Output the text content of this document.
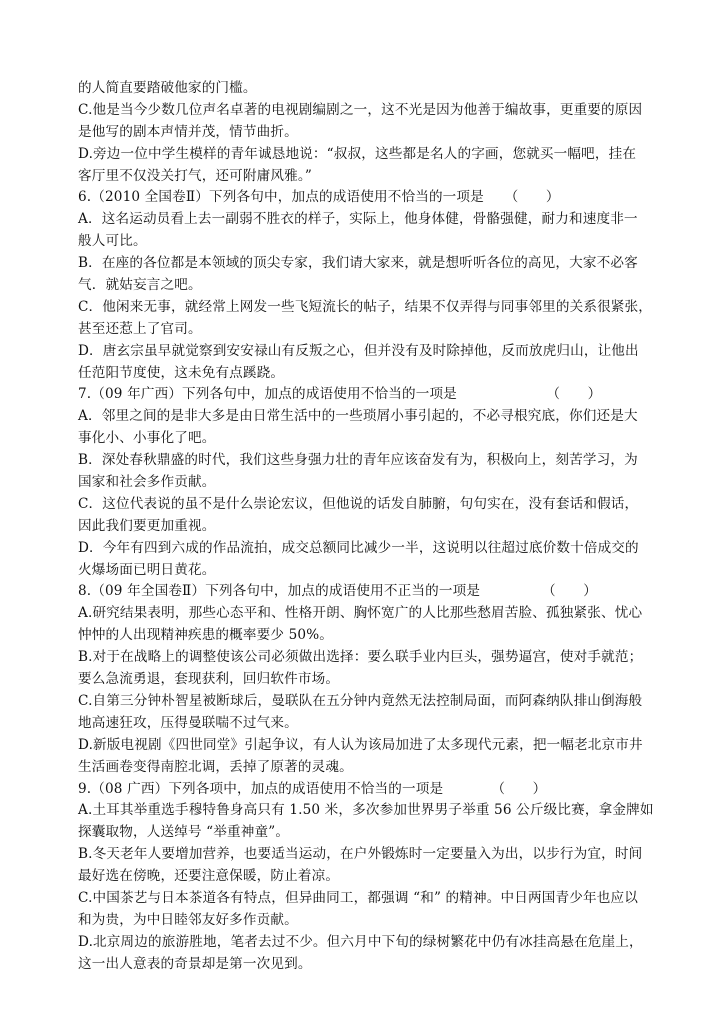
的人简直要踏破他家的门槛。
C.他是当今少数几位声名卓著的电视剧编剧之一，这不光是因为他善于编故事，更重要的原因
是他写的剧本声情并茂，情节曲折。
D.旁边一位中学生模样的青年诚恳地说：“叔叔，这些都是名人的字画，您就买一幅吧，挂在
客厅里不仅没关打气，还可附庸风雅。”
6.（2010 全国卷Ⅱ）下列各句中，加点的成语使用不恰当的一项是　　（　　）
A．这名运动员看上去一副弱不胜衣的样子，实际上，他身体健，骨骼强健，耐力和速度非一
般人可比。
B．在座的各位都是本领域的顶尖专家，我们请大家来，就是想听听各位的高见，大家不必客
气．就姑妄言之吧。
C．他闲来无事，就经常上网发一些飞短流长的帖子，结果不仅弄得与同事邻里的关系很紧张，
甚至还惹上了官司。
D．唐玄宗虽早就觉察到安安禄山有反叛之心，但并没有及时除掉他，反而放虎归山，让他出
任范阳节度使，这未免有点蹊跷。
7.（09 年广西）下列各句中，加点的成语使用不恰当的一项是　　　　　　　（　　）
A．邻里之间的是非大多是由日常生活中的一些琐屑小事引起的，不必寻根究底，你们还是大
事化小、小事化了吧。
B．深处春秋鼎盛的时代，我们这些身强力壮的青年应该奋发有为，积极向上，刻苦学习，为
国家和社会多作贡献。
C．这位代表说的虽不是什么崇论宏议，但他说的话发自肺腑，句句实在，没有套话和假话，
因此我们要更加重视。
D．今年有四到六成的作品流拍，成交总额同比减少一半，这说明以往超过底价数十倍成交的
火爆场面已明日黄花。
8.（09 年全国卷Ⅱ）下列各句中，加点的成语使用不正当的一项是　　　　　（　　）
A.研究结果表明，那些心态平和、性格开朗、胸怀宽广的人比那些愁眉苦脸、孤独紧张、忧心
忡忡的人出现精神疾患的概率要少 50%。
B.对于在战略上的调整使该公司必须做出选择：要么联手业内巨头，强势逼宫，使对手就范；
要么急流勇退，套现获利，回归软件市场。
C.自第三分钟朴智星被断球后，曼联队在五分钟内竟然无法控制局面，而阿森纳队排山倒海般
地高速狂攻，压得曼联喘不过气来。
D.新版电视剧《四世同堂》引起争议，有人认为该局加进了太多现代元素，把一幅老北京市井
生活画卷变得南腔北调，丢掉了原著的灵魂。
9.（08 广西）下列各项中，加点的成语使用不恰当的一项是　　　　（　　）
A.土耳其举重选手穆特鲁身高只有 1.50 米，多次参加世界男子举重 56 公斤级比赛，拿金牌如
探囊取物，人送绰号 “举重神童”。
B.冬天老年人要增加营养，也要适当运动，在户外锻炼时一定要量入为出，以步行为宜，时间
最好选在傍晚，还要注意保暖，防止着凉。
C.中国茶艺与日本茶道各有特点，但异曲同工，都强调 “和” 的精神。中日两国青少年也应以
和为贵，为中日睦邻友好多作贡献。
D.北京周边的旅游胜地，笔者去过不少。但六月中下旬的绿树繁花中仍有冰挂高悬在危崖上，
这一出人意表的奇景却是第一次见到。
